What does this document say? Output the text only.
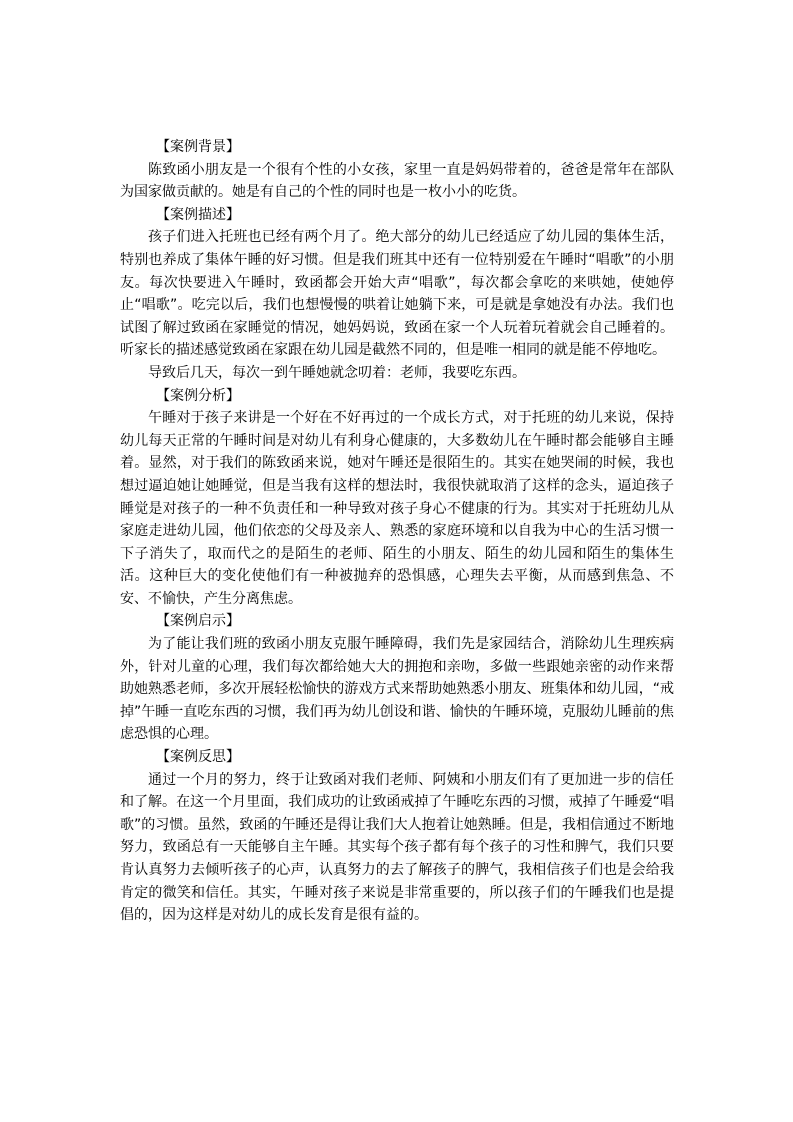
【案例背景】

陈致函小朋友是一个很有个性的小女孩，家里一直是妈妈带着的，爸爸是常年在部队为国家做贡献的。她是有自己的个性的同时也是一枚小小的吃货。

【案例描述】

孩子们进入托班也已经有两个月了。绝大部分的幼儿已经适应了幼儿园的集体生活，特别也养成了集体午睡的好习惯。但是我们班其中还有一位特别爱在午睡时“唱歌”的小朋友。每次快要进入午睡时，致函都会开始大声“唱歌”，每次都会拿吃的来哄她，使她停止“唱歌”。吃完以后，我们也想慢慢的哄着让她躺下来，可是就是拿她没有办法。我们也试图了解过致函在家睡觉的情况，她妈妈说，致函在家一个人玩着玩着就会自己睡着的。听家长的描述感觉致函在家跟在幼儿园是截然不同的，但是唯一相同的就是能不停地吃。

导致后几天，每次一到午睡她就念叨着：老师，我要吃东西。

【案例分析】

午睡对于孩子来讲是一个好在不好再过的一个成长方式，对于托班的幼儿来说，保持幼儿每天正常的午睡时间是对幼儿有利身心健康的，大多数幼儿在午睡时都会能够自主睡着。显然，对于我们的陈致函来说，她对午睡还是很陌生的。其实在她哭闹的时候，我也想过逼迫她让她睡觉，但是当我有这样的想法时，我很快就取消了这样的念头，逼迫孩子睡觉是对孩子的一种不负责任和一种导致对孩子身心不健康的行为。其实对于托班幼儿从家庭走进幼儿园，他们依恋的父母及亲人、熟悉的家庭环境和以自我为中心的生活习惯一下子消失了，取而代之的是陌生的老师、陌生的小朋友、陌生的幼儿园和陌生的集体生活。这种巨大的变化使他们有一种被抛弃的恐惧感，心理失去平衡，从而感到焦急、不安、不愉快，产生分离焦虑。

【案例启示】

为了能让我们班的致函小朋友克服午睡障碍，我们先是家园结合，消除幼儿生理疾病外，针对儿童的心理，我们每次都给她大大的拥抱和亲吻，多做一些跟她亲密的动作来帮助她熟悉老师，多次开展轻松愉快的游戏方式来帮助她熟悉小朋友、班集体和幼儿园，“戒掉”午睡一直吃东西的习惯，我们再为幼儿创设和谐、愉快的午睡环境，克服幼儿睡前的焦虑恐惧的心理。

【案例反思】

通过一个月的努力，终于让致函对我们老师、阿姨和小朋友们有了更加进一步的信任和了解。在这一个月里面，我们成功的让致函戒掉了午睡吃东西的习惯，戒掉了午睡爱“唱歌”的习惯。虽然，致函的午睡还是得让我们大人抱着让她熟睡。但是，我相信通过不断地努力，致函总有一天能够自主午睡。其实每个孩子都有每个孩子的习性和脾气，我们只要肯认真努力去倾听孩子的心声，认真努力的去了解孩子的脾气，我相信孩子们也是会给我肯定的微笑和信任。其实，午睡对孩子来说是非常重要的，所以孩子们的午睡我们也是提倡的，因为这样是对幼儿的成长发育是很有益的。
